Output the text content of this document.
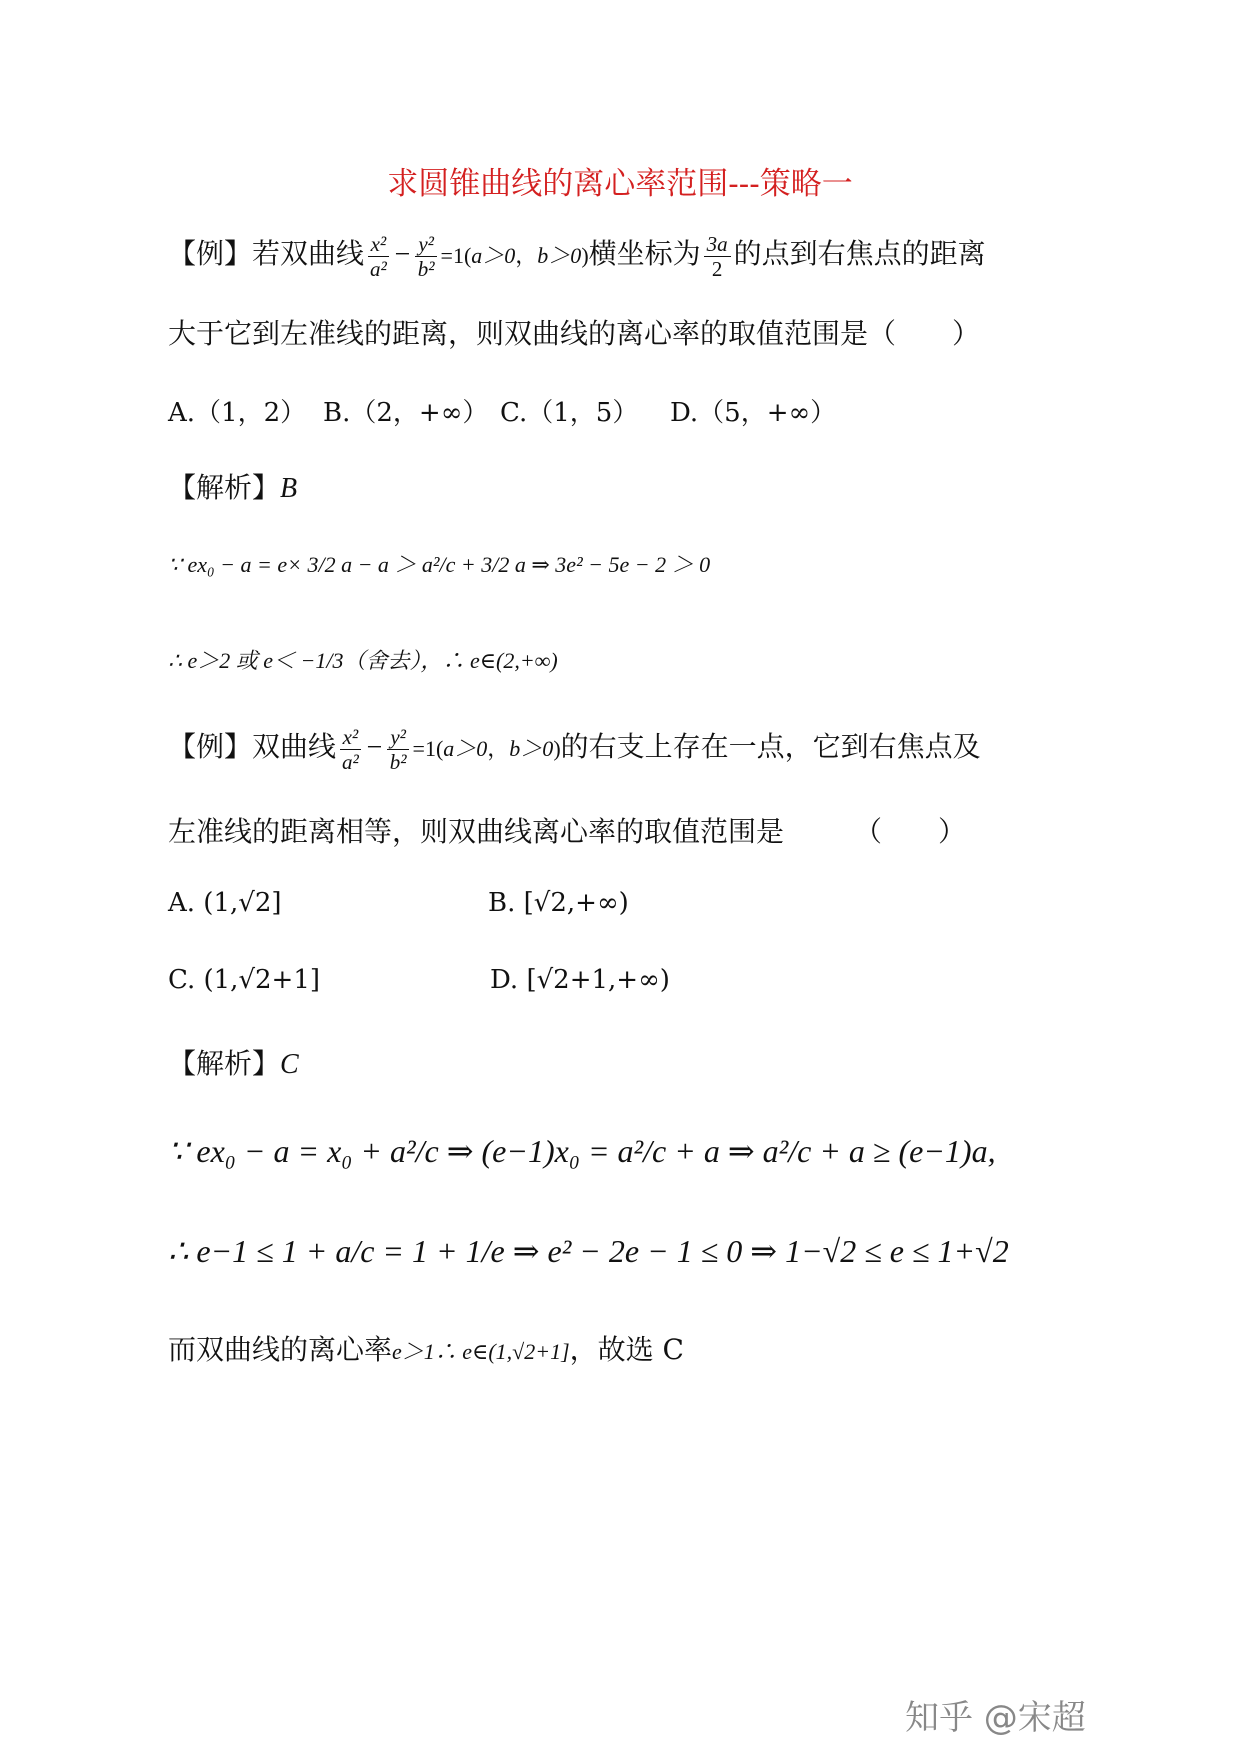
求圆锥曲线的离心率范围---策略一
【例】若双曲线 $\frac{\text{x²}}{\text{a²}} - \frac{\text{y²}}{\text{b²}} =1(a>0$，b＞0)横坐标为 $\frac{3a}{2}$ 的点到右焦点的距离
大于它到左准线的距离，则双曲线的离心率的取值范围是（　　）
A.（1，2） B.（2，+∞） C.（1，5） D.（5，+∞）
【解析】B
∵ ex₀ − a = e× 3/2 a − a ＞ a²/c + 3/2 a ⇒ 3e² − 5e − 2 ＞ 0
∴ e＞2 或 e＜ −1/3（舍去），∴ e∈(2,+∞)
【例】双曲线 $\frac{\text{x²}}{\text{a²}} - \frac{\text{y²}}{\text{b²}} =1(a>0$，b＞0)的右支上存在一点，它到右焦点及
左准线的距离相等，则双曲线离心率的取值范围是　　　（　　）
A. (1,√2]	B. [√2,+∞)
C. (1,√2+1]	D. [√2+1,+∞)
【解析】C
∵ ex₀ − a = x₀ + a²/c ⇒ (e−1)x₀ = a²/c + a ⇒ a²/c + a ≥ (e−1)a,
∴ e−1 ≤ 1 + a/c = 1 + 1/e ⇒ e² − 2e − 1 ≤ 0 ⇒ 1−√2 ≤ e ≤ 1+√2
而双曲线的离心率e＞1∴ e∈(1,√2+1]，故选 C
知乎 @宋超
